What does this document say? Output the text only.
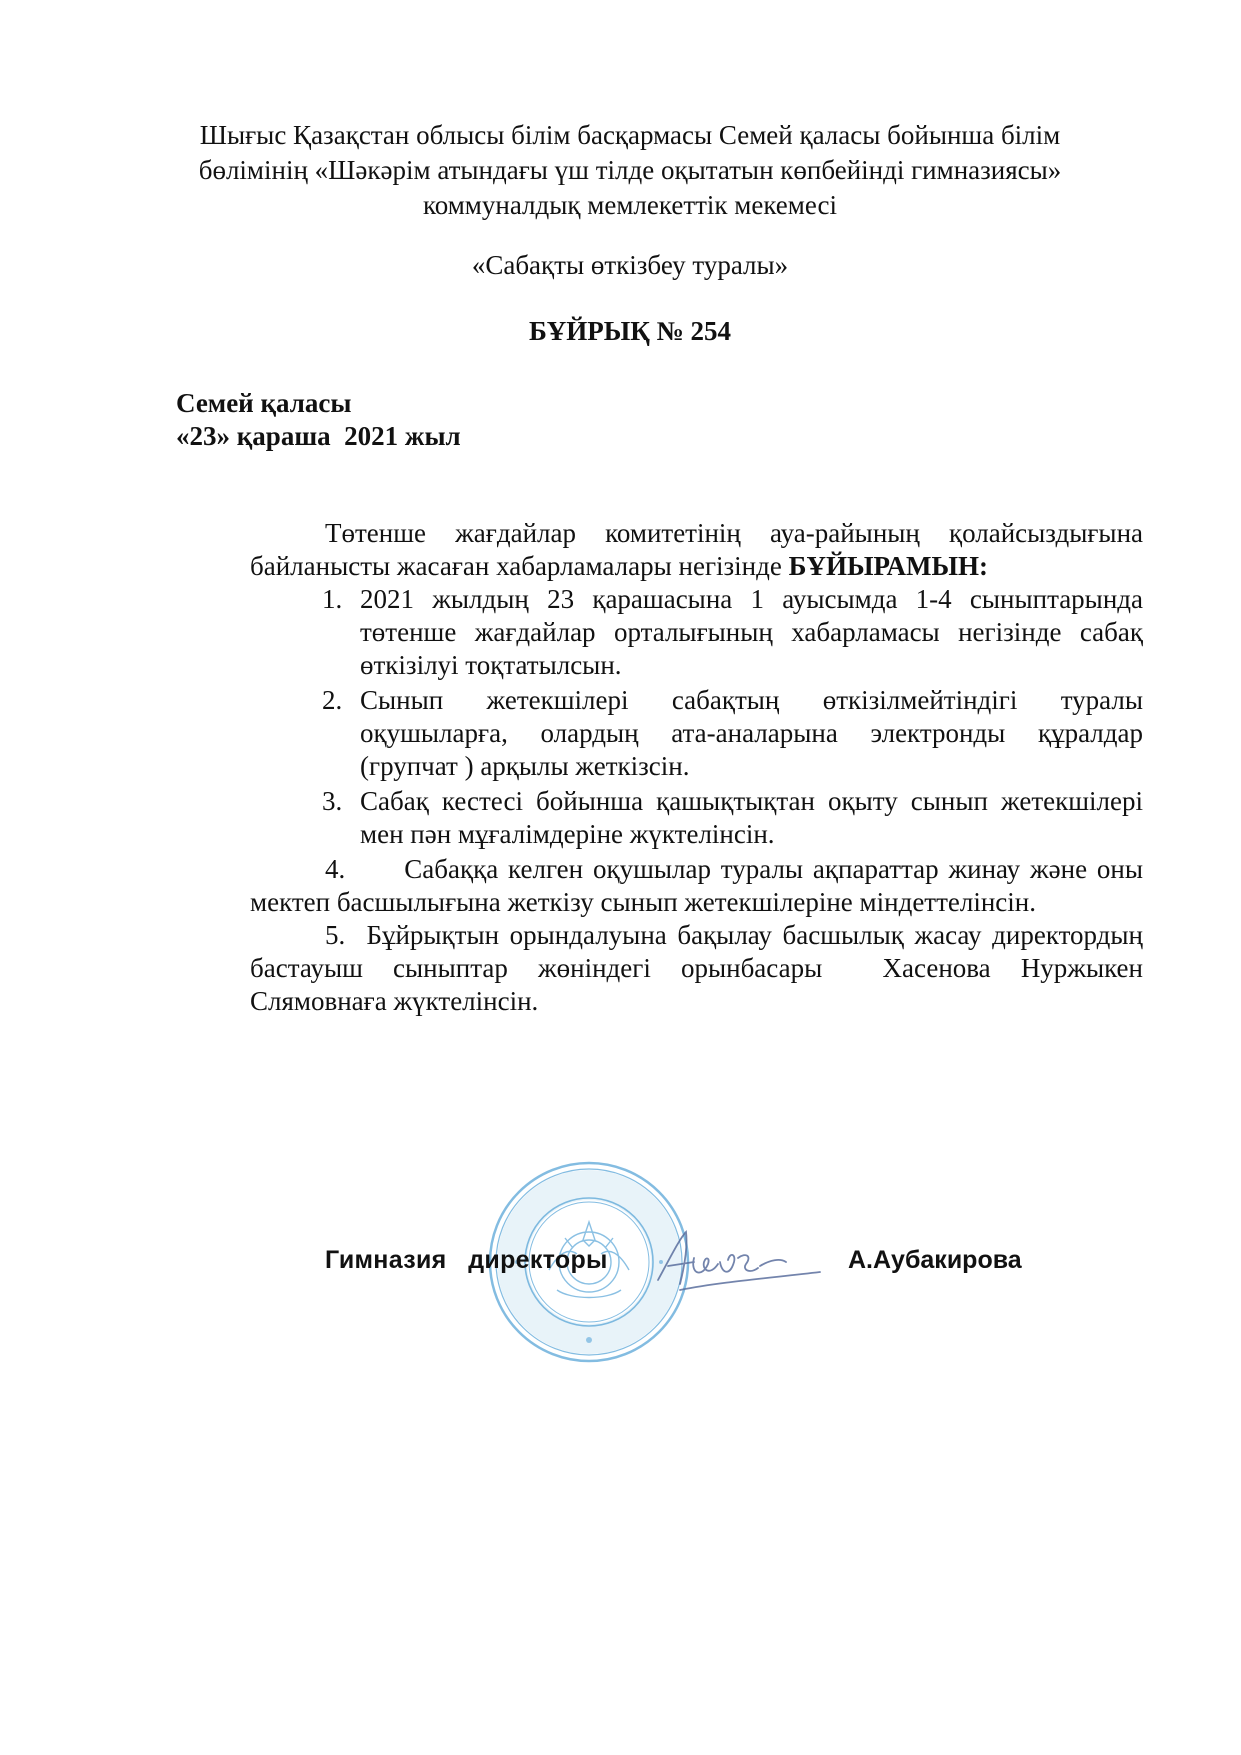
Шығыс Қазақстан облысы білім басқармасы Семей қаласы бойынша білім
бөлімінің «Шәкәрім атындағы үш тілде оқытатын көпбейінді гимназиясы»
коммуналдық мемлекеттік мекемесі
«Сабақты өткізбеу туралы»
БҰЙРЫҚ № 254
Семей қаласы
«23» қараша  2021 жыл

Төтенше жағдайлар комитетінің ауа-райының қолайсыздығына байланысты жасаған хабарламалары негізінде БҰЙЫРАМЫН:

1. 2021 жылдың 23 қарашасына 1 ауысымда 1-4 сыныптарында төтенше жағдайлар орталығының хабарламасы негізінде сабақ өткізілуі тоқтатылсын.
2. Сынып жетекшілері сабақтың өткізілмейтіндігі туралы оқушыларға, олардың ата-аналарына электронды құралдар (групчат ) арқылы жеткізсін.
3. Сабақ кестесі бойынша қашықтықтан оқыту сынып жетекшілері мен пән мұғалімдеріне жүктелінсін.

4.      Сабаққа келген оқушылар туралы ақпараттар жинау және оны мектеп басшылығына жеткізу сынып жетекшілеріне міндеттелінсін.

5.  Бұйрықтын орындалуына бақылау басшылық жасау директордың бастауыш сыныптар жөніндегі орынбасары  Хасенова Нуржыкен Слямовнаға жүктелінсін.

Гимназия   директоры	А.Аубакирова
